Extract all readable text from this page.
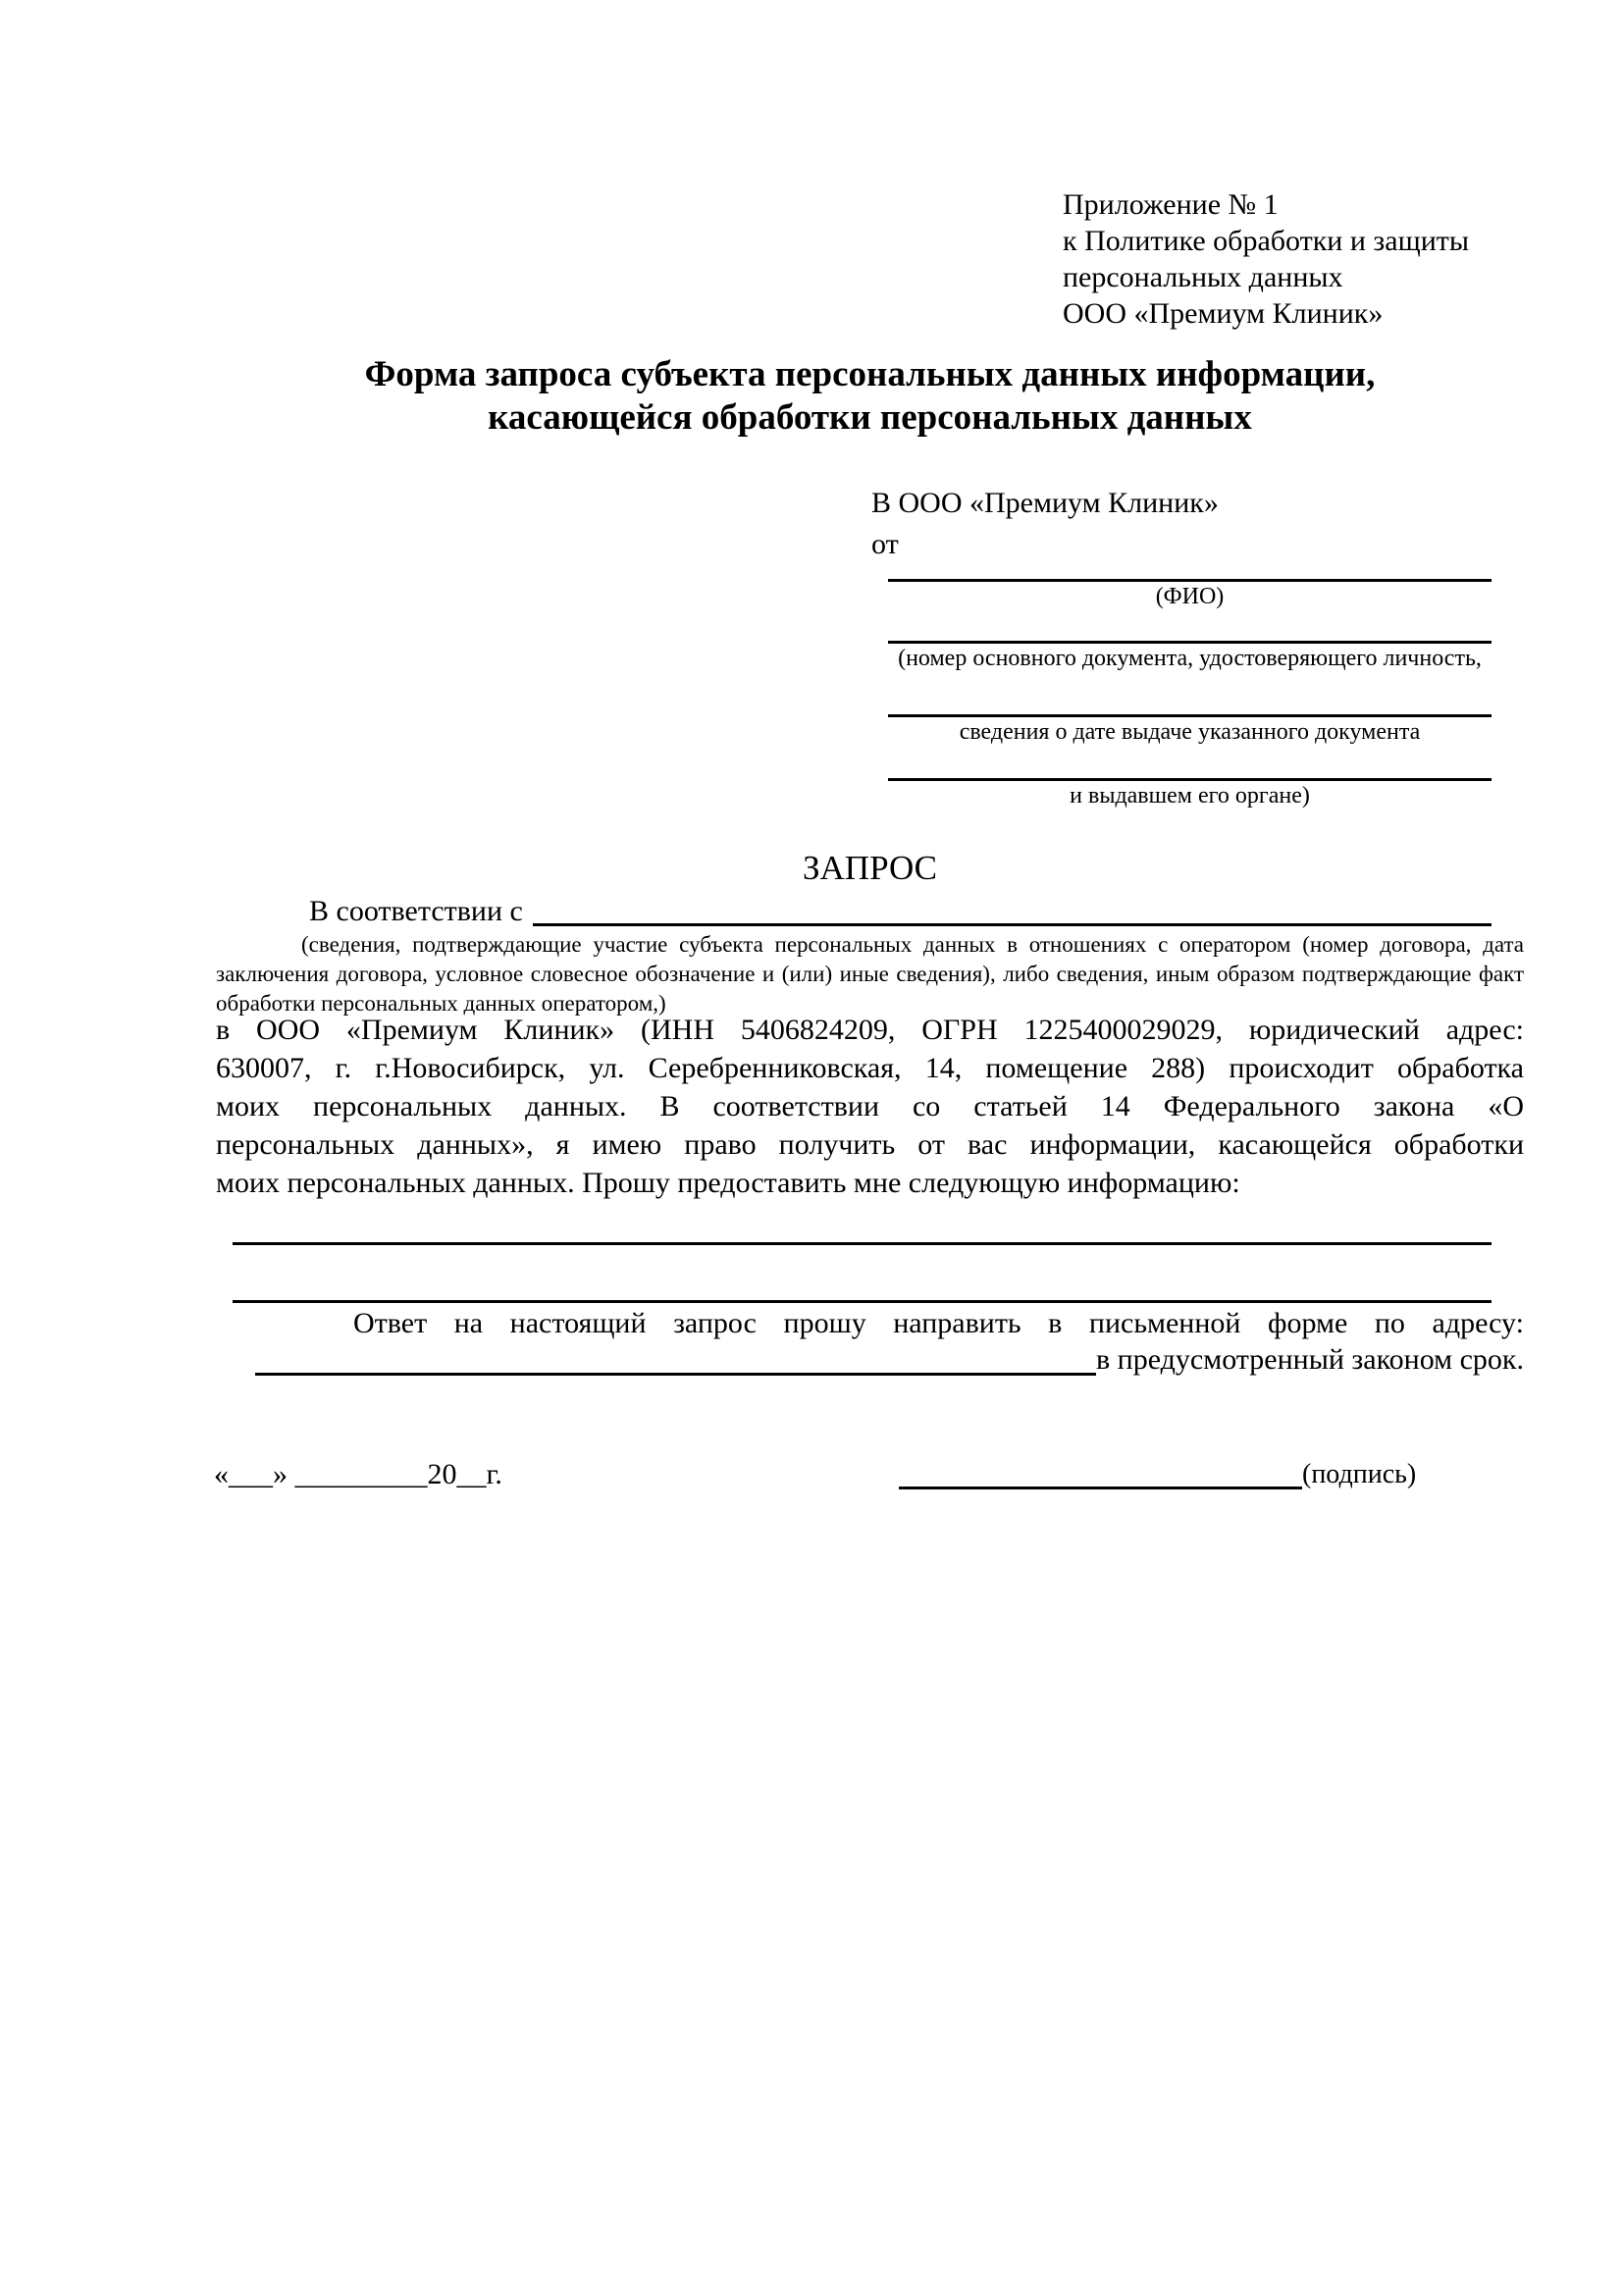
Приложение № 1
к Политике обработки и защиты
персональных данных
ООО «Премиум Клиник»
Форма запроса субъекта персональных данных информации,
касающейся обработки персональных данных
В ООО «Премиум Клиник»
от
(ФИО)
(номер основного документа, удостоверяющего личность,
сведения о дате выдаче указанного документа
и выдавшем его органе)
ЗАПРОС
В соответствии с
(сведения, подтверждающие участие субъекта персональных данных в отношениях с оператором (номер договора, дата
заключения договора, условное словесное обозначение и (или) иные сведения), либо сведения, иным образом подтверждающие факт
обработки персональных данных оператором,)
в ООО «Премиум Клиник» (ИНН 5406824209, ОГРН 1225400029029, юридический адрес:
630007, г. г.Новосибирск, ул. Серебренниковская, 14, помещение 288) происходит обработка
моих персональных данных. В соответствии со статьей 14 Федерального закона «О
персональных данных», я имею право получить от вас информации, касающейся обработки
моих персональных данных. Прошу предоставить мне следующую информацию:
Ответ на настоящий запрос прошу направить в письменной форме по адресу:
в предусмотренный законом срок.
«___» _________20__г.	(подпись)
